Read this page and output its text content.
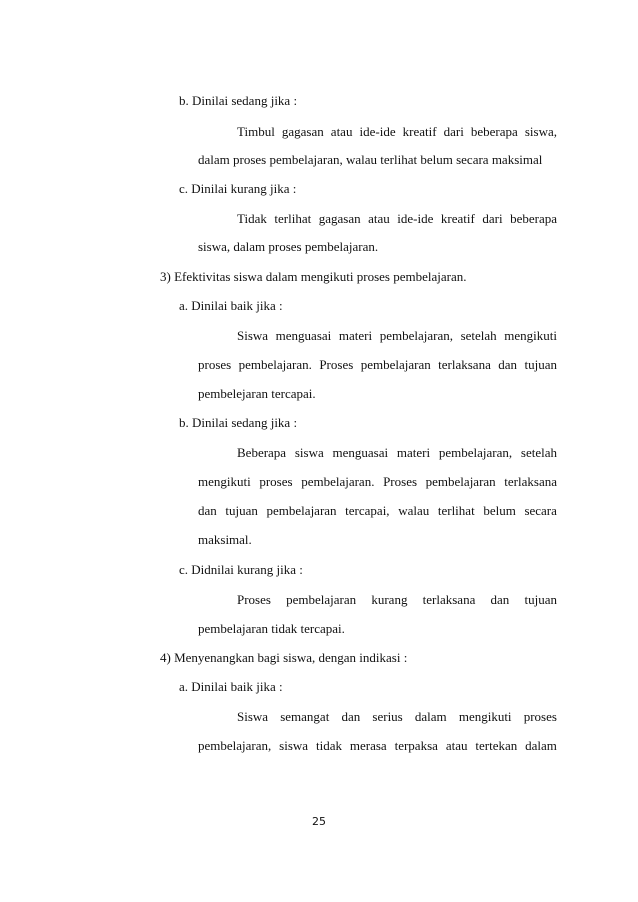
b. Dinilai sedang jika :
Timbul gagasan atau ide-ide kreatif dari beberapa siswa,
dalam proses pembelajaran, walau terlihat belum secara maksimal
c. Dinilai kurang jika :
Tidak terlihat gagasan atau ide-ide kreatif dari beberapa
siswa, dalam proses pembelajaran.
3) Efektivitas siswa dalam mengikuti proses pembelajaran.
a. Dinilai baik jika :
Siswa menguasai materi pembelajaran, setelah mengikuti
proses pembelajaran. Proses pembelajaran terlaksana dan tujuan
pembelejaran tercapai.
b. Dinilai sedang jika :
Beberapa siswa menguasai materi pembelajaran, setelah
mengikuti proses pembelajaran. Proses pembelajaran terlaksana
dan tujuan pembelajaran tercapai, walau terlihat belum secara
maksimal.
c. Didnilai kurang jika :
Proses pembelajaran kurang terlaksana dan tujuan
pembelajaran tidak tercapai.
4) Menyenangkan bagi siswa, dengan indikasi :
a. Dinilai baik jika :
Siswa semangat dan serius dalam mengikuti proses
pembelajaran, siswa tidak merasa terpaksa atau tertekan dalam
25
